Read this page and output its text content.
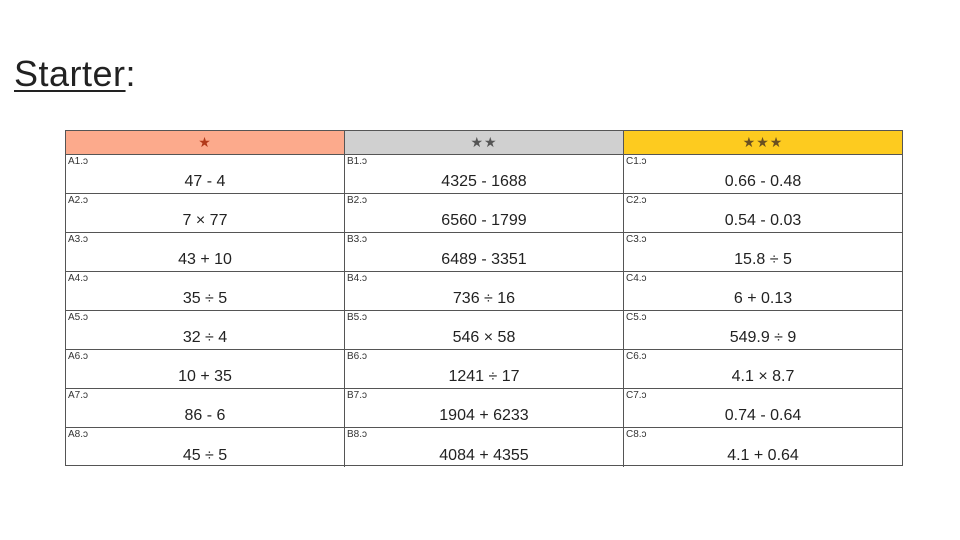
Starter:
★	★★	★★★
A1.ↄ
47 - 4
B1.ↄ
4325 - 1688
C1.ↄ
0.66 - 0.48
A2.ↄ
7 × 77
B2.ↄ
6560 - 1799
C2.ↄ
0.54 - 0.03
A3.ↄ
43 + 10
B3.ↄ
6489 - 3351
C3.ↄ
15.8 ÷ 5
A4.ↄ
35 ÷ 5
B4.ↄ
736 ÷ 16
C4.ↄ
6 + 0.13
A5.ↄ
32 ÷ 4
B5.ↄ
546 × 58
C5.ↄ
549.9 ÷ 9
A6.ↄ
10 + 35
B6.ↄ
1241 ÷ 17
C6.ↄ
4.1 × 8.7
A7.ↄ
86 - 6
B7.ↄ
1904 + 6233
C7.ↄ
0.74 - 0.64
A8.ↄ
45 ÷ 5
B8.ↄ
4084 + 4355
C8.ↄ
4.1 + 0.64
